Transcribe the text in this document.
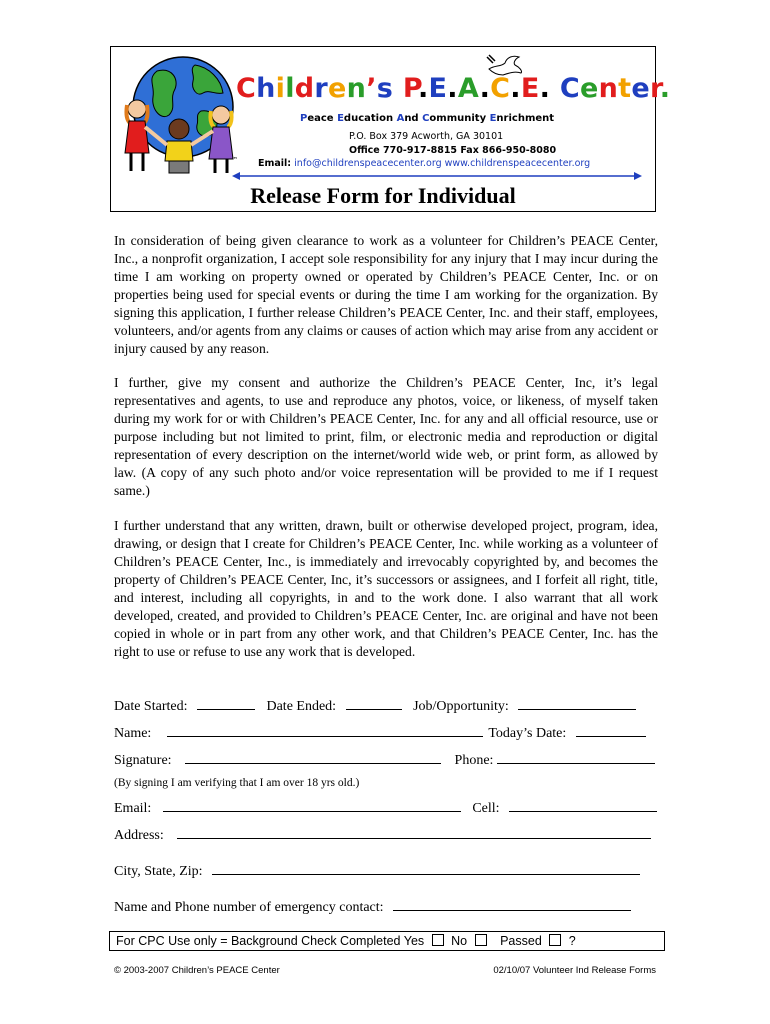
Children’s P.E.A.C.E. Center.
Peace Education And Community Enrichment
P.O. Box 379 Acworth, GA 30101
Office 770-917-8815 Fax 866-950-8080
™ Email: info@childrenspeacecenter.org www.childrenspeacecenter.org
Release Form for Individual
In consideration of being given clearance to work as a volunteer for Children’s PEACE Center, Inc., a nonprofit organization, I accept sole responsibility for any injury that I may incur during the time I am working on property owned or operated by Children’s PEACE Center, Inc. or on properties being used for special events or during the time I am working for the organization. By signing this application, I further release Children’s PEACE Center, Inc. and their staff, employees, volunteers, and/or agents from any claims or causes of action which may arise from any accident or injury caused by any reason.
I further, give my consent and authorize the Children’s PEACE Center, Inc, it’s legal representatives and agents, to use and reproduce any photos, voice, or likeness, of myself taken during my work for or with Children’s PEACE Center, Inc. for any and all official resource, use or purpose including but not limited to print, film, or electronic media and reproduction or digital representation of every description on the internet/world wide web, or print form, as allowed by law. (A copy of any such photo and/or voice representation will be provided to me if I request same.)
I further understand that any written, drawn, built or otherwise developed project, program, idea, drawing, or design that I create for Children’s PEACE Center, Inc. while working as a volunteer of Children’s PEACE Center, Inc., is immediately and irrevocably copyrighted by, and becomes the property of Children’s PEACE Center, Inc, it’s successors or assignees, and I forfeit all right, title, and interest, including all copyrights, in and to the work done. I also warrant that all work developed, created, and provided to Children’s PEACE Center, Inc. are original and have not been copied in whole or in part from any other work, and that Children’s PEACE Center, Inc. has the right to use or refuse to use any work that is developed.
Date Started:	Date Ended:	Job/Opportunity:
Name:	Today’s Date:
Signature:	Phone:
(By signing I am verifying that I am over 18 yrs old.)
Email:	Cell:
Address:
City, State, Zip:
Name and Phone number of emergency contact:
For CPC Use only = Background Check Completed Yes No	Passed ?
© 2003-2007 Children’s PEACE Center	02/10/07 Volunteer Ind Release Forms
